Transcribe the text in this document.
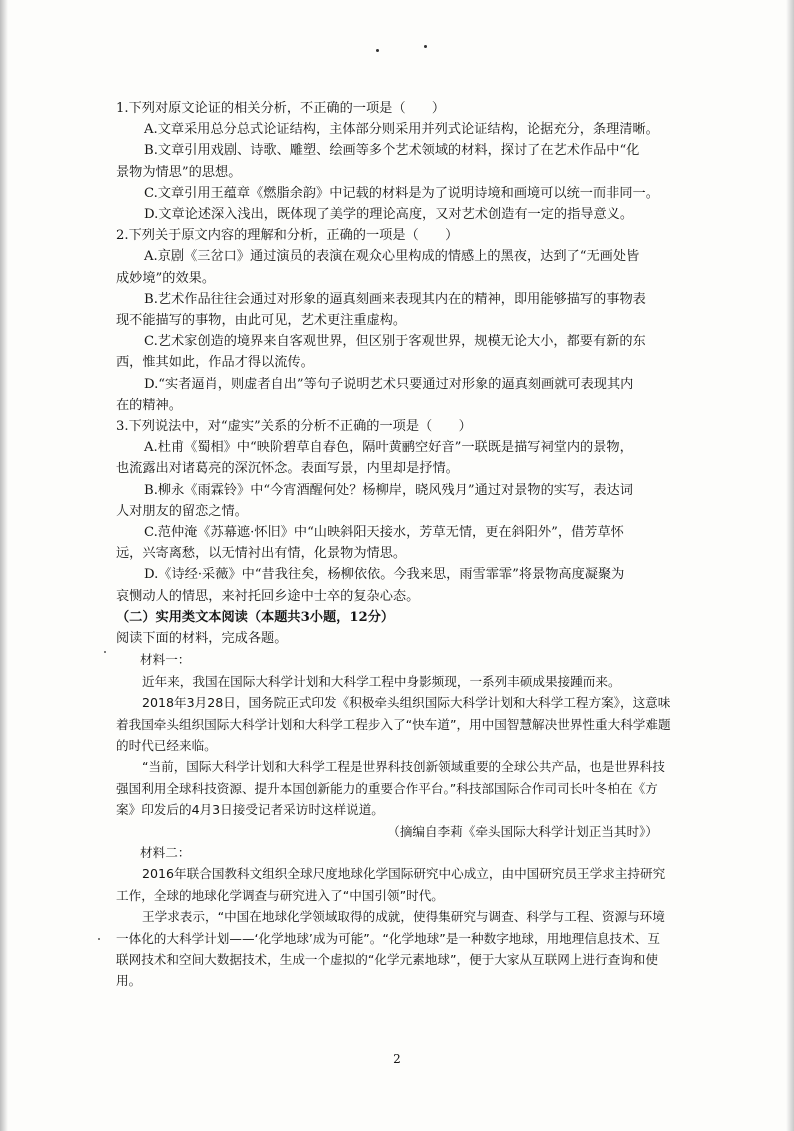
1.下列对原文论证的相关分析，不正确的一项是（　　）

A.文章采用总分总式论证结构，主体部分则采用并列式论证结构，论据充分，条理清晰。

B.文章引用戏剧、诗歌、雕塑、绘画等多个艺术领域的材料，探讨了在艺术作品中“化

景物为情思”的思想。

C.文章引用王蕴章《燃脂余韵》中记载的材料是为了说明诗境和画境可以统一而非同一。

D.文章论述深入浅出，既体现了美学的理论高度，又对艺术创造有一定的指导意义。

2.下列关于原文内容的理解和分析，正确的一项是（　　）

A.京剧《三岔口》通过演员的表演在观众心里构成的情感上的黑夜，达到了“无画处皆

成妙境”的效果。

B.艺术作品往往会通过对形象的逼真刻画来表现其内在的精神，即用能够描写的事物表

现不能描写的事物，由此可见，艺术更注重虚构。

C.艺术家创造的境界来自客观世界，但区别于客观世界，规模无论大小，都要有新的东

西，惟其如此，作品才得以流传。

D.“实者逼肖，则虚者自出”等句子说明艺术只要通过对形象的逼真刻画就可表现其内

在的精神。

3.下列说法中，对“虚实”关系的分析不正确的一项是（　　）

A.杜甫《蜀相》中“映阶碧草自春色，隔叶黄鹂空好音”一联既是描写祠堂内的景物，

也流露出对诸葛亮的深沉怀念。表面写景，内里却是抒情。

B.柳永《雨霖铃》中“今宵酒醒何处？杨柳岸，晓风残月”通过对景物的实写，表达词

人对朋友的留恋之情。

C.范仲淹《苏幕遮·怀旧》中“山映斜阳天接水，芳草无情，更在斜阳外”，借芳草怀

远，兴寄离愁，以无情衬出有情，化景物为情思。

D.《诗经·采薇》中“昔我往矣，杨柳依依。今我来思，雨雪霏霏”将景物高度凝聚为

哀恻动人的情思，来衬托回乡途中士卒的复杂心态。

（二）实用类文本阅读（本题共3小题，12分）

阅读下面的材料，完成各题。

材料一：

近年来，我国在国际大科学计划和大科学工程中身影频现，一系列丰硕成果接踵而来。

2018年3月28日，国务院正式印发《积极牵头组织国际大科学计划和大科学工程方案》，这意味着我国牵头组织国际大科学计划和大科学工程步入了“快车道”，用中国智慧解决世界性重大科学难题的时代已经来临。

“当前，国际大科学计划和大科学工程是世界科技创新领域重要的全球公共产品，也是世界科技强国利用全球科技资源、提升本国创新能力的重要合作平台。”科技部国际合作司司长叶冬柏在《方案》印发后的4月3日接受记者采访时这样说道。

（摘编自李莉《牵头国际大科学计划正当其时》）

材料二：

2016年联合国教科文组织全球尺度地球化学国际研究中心成立，由中国研究员王学求主持研究工作，全球的地球化学调查与研究进入了“中国引领”时代。

王学求表示，“中国在地球化学领域取得的成就，使得集研究与调查、科学与工程、资源与环境一体化的大科学计划——‘化学地球’成为可能”。“化学地球”是一种数字地球，用地理信息技术、互联网技术和空间大数据技术，生成一个虚拟的“化学元素地球”，便于大家从互联网上进行查询和使用。

2
